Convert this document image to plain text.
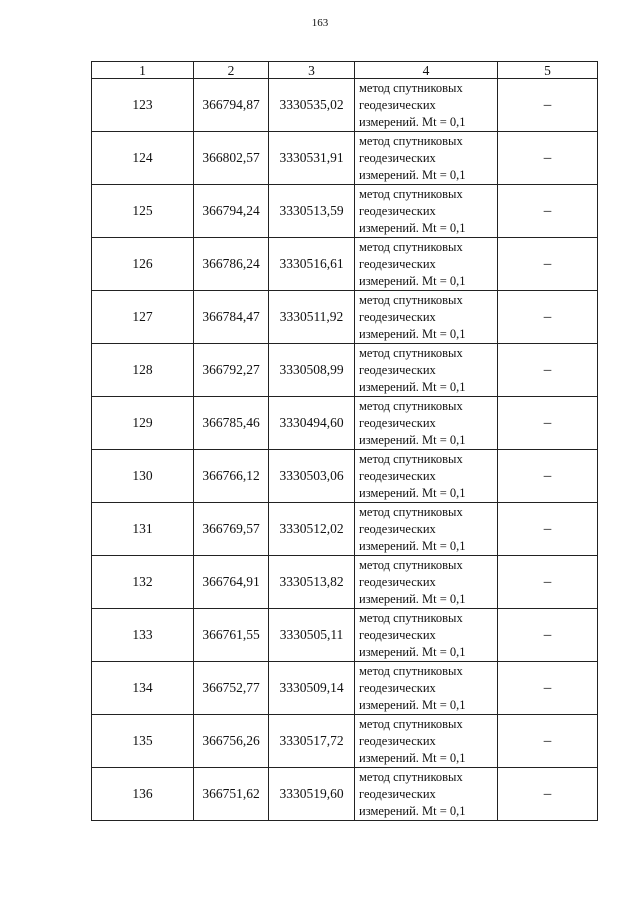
163
1	2	3	4	5
123	366794,87	3330535,02	метод спутниковых
геодезических
измерений. Mt = 0,1	–
124	366802,57	3330531,91	метод спутниковых
геодезических
измерений. Mt = 0,1	–
125	366794,24	3330513,59	метод спутниковых
геодезических
измерений. Mt = 0,1	–
126	366786,24	3330516,61	метод спутниковых
геодезических
измерений. Mt = 0,1	–
127	366784,47	3330511,92	метод спутниковых
геодезических
измерений. Mt = 0,1	–
128	366792,27	3330508,99	метод спутниковых
геодезических
измерений. Mt = 0,1	–
129	366785,46	3330494,60	метод спутниковых
геодезических
измерений. Mt = 0,1	–
130	366766,12	3330503,06	метод спутниковых
геодезических
измерений. Mt = 0,1	–
131	366769,57	3330512,02	метод спутниковых
геодезических
измерений. Mt = 0,1	–
132	366764,91	3330513,82	метод спутниковых
геодезических
измерений. Mt = 0,1	–
133	366761,55	3330505,11	метод спутниковых
геодезических
измерений. Mt = 0,1	–
134	366752,77	3330509,14	метод спутниковых
геодезических
измерений. Mt = 0,1	–
135	366756,26	3330517,72	метод спутниковых
геодезических
измерений. Mt = 0,1	–
136	366751,62	3330519,60	метод спутниковых
геодезических
измерений. Mt = 0,1	–
